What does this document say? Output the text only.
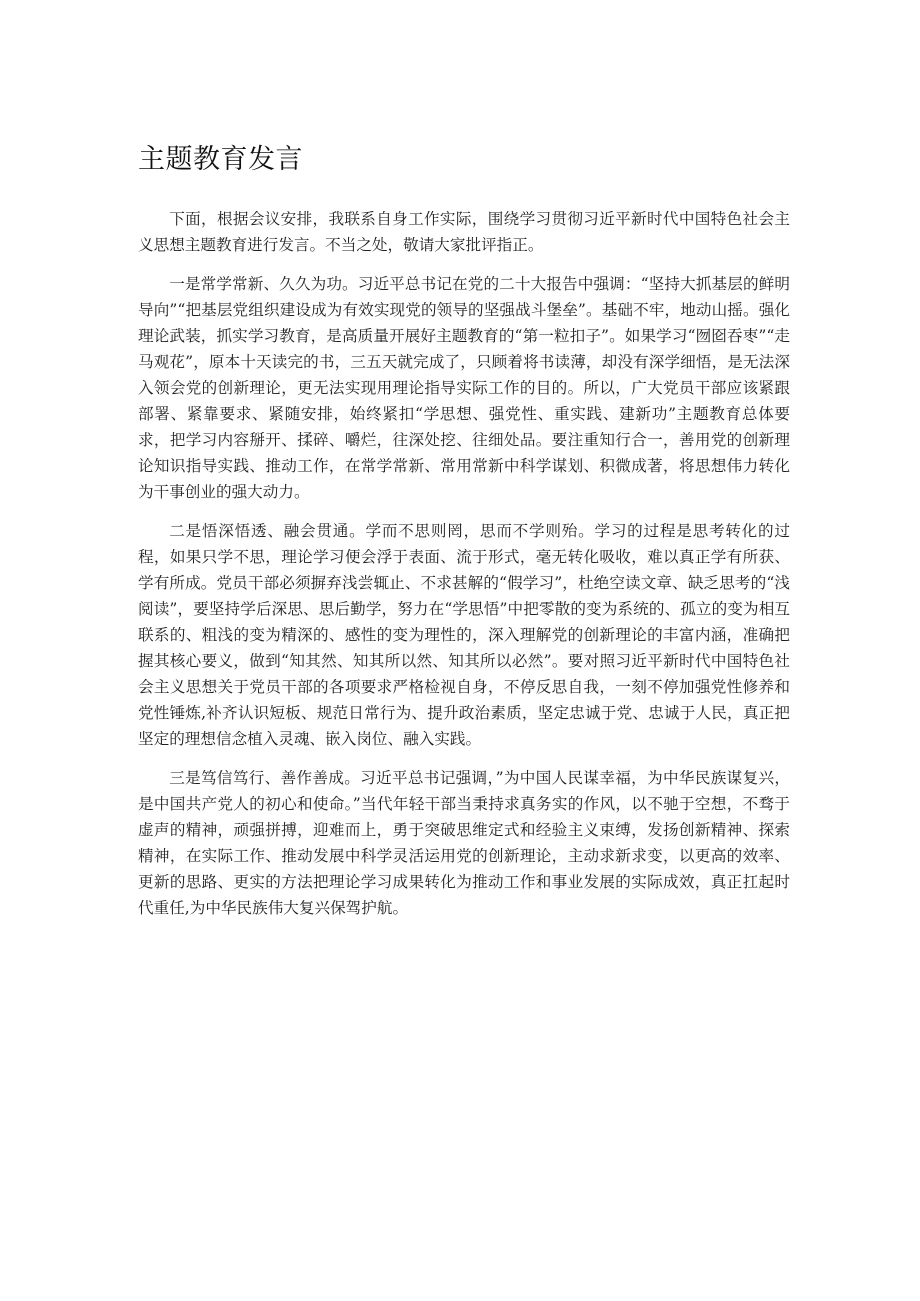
主题教育发言

下面，根据会议安排，我联系自身工作实际，围绕学习贯彻习近平新时代中国特色社会主义思想主题教育进行发言。不当之处，敬请大家批评指正。

一是常学常新、久久为功。习近平总书记在党的二十大报告中强调：“坚持大抓基层的鲜明导向”“把基层党组织建设成为有效实现党的领导的坚强战斗堡垒”。基础不牢，地动山摇。强化理论武装，抓实学习教育，是高质量开展好主题教育的“第一粒扣子”。如果学习“囫囵吞枣”“走马观花”，原本十天读完的书，三五天就完成了，只顾着将书读薄，却没有深学细悟，是无法深入领会党的创新理论，更无法实现用理论指导实际工作的目的。所以，广大党员干部应该紧跟部署、紧靠要求、紧随安排，始终紧扣“学思想、强党性、重实践、建新功”主题教育总体要求，把学习内容掰开、揉碎、嚼烂，往深处挖、往细处品。要注重知行合一，善用党的创新理论知识指导实践、推动工作，在常学常新、常用常新中科学谋划、积微成著，将思想伟力转化为干事创业的强大动力。

二是悟深悟透、融会贯通。学而不思则罔，思而不学则殆。学习的过程是思考转化的过程，如果只学不思，理论学习便会浮于表面、流于形式，毫无转化吸收，难以真正学有所获、学有所成。党员干部必须摒弃浅尝辄止、不求甚解的“假学习”，杜绝空读文章、缺乏思考的“浅阅读”，要坚持学后深思、思后勤学，努力在“学思悟”中把零散的变为系统的、孤立的变为相互联系的、粗浅的变为精深的、感性的变为理性的，深入理解党的创新理论的丰富内涵，准确把握其核心要义，做到“知其然、知其所以然、知其所以必然”。要对照习近平新时代中国特色社会主义思想关于党员干部的各项要求严格检视自身，不停反思自我，一刻不停加强党性修养和党性锤炼,补齐认识短板、规范日常行为、提升政治素质，坚定忠诚于党、忠诚于人民，真正把坚定的理想信念植入灵魂、嵌入岗位、融入实践。

三是笃信笃行、善作善成。习近平总书记强调，”为中国人民谋幸福，为中华民族谋复兴，是中国共产党人的初心和使命。”当代年轻干部当秉持求真务实的作风，以不驰于空想，不骛于虚声的精神，顽强拼搏，迎难而上，勇于突破思维定式和经验主义束缚，发扬创新精神、探索精神，在实际工作、推动发展中科学灵活运用党的创新理论，主动求新求变，以更高的效率、更新的思路、更实的方法把理论学习成果转化为推动工作和事业发展的实际成效，真正扛起时代重任,为中华民族伟大复兴保驾护航。
